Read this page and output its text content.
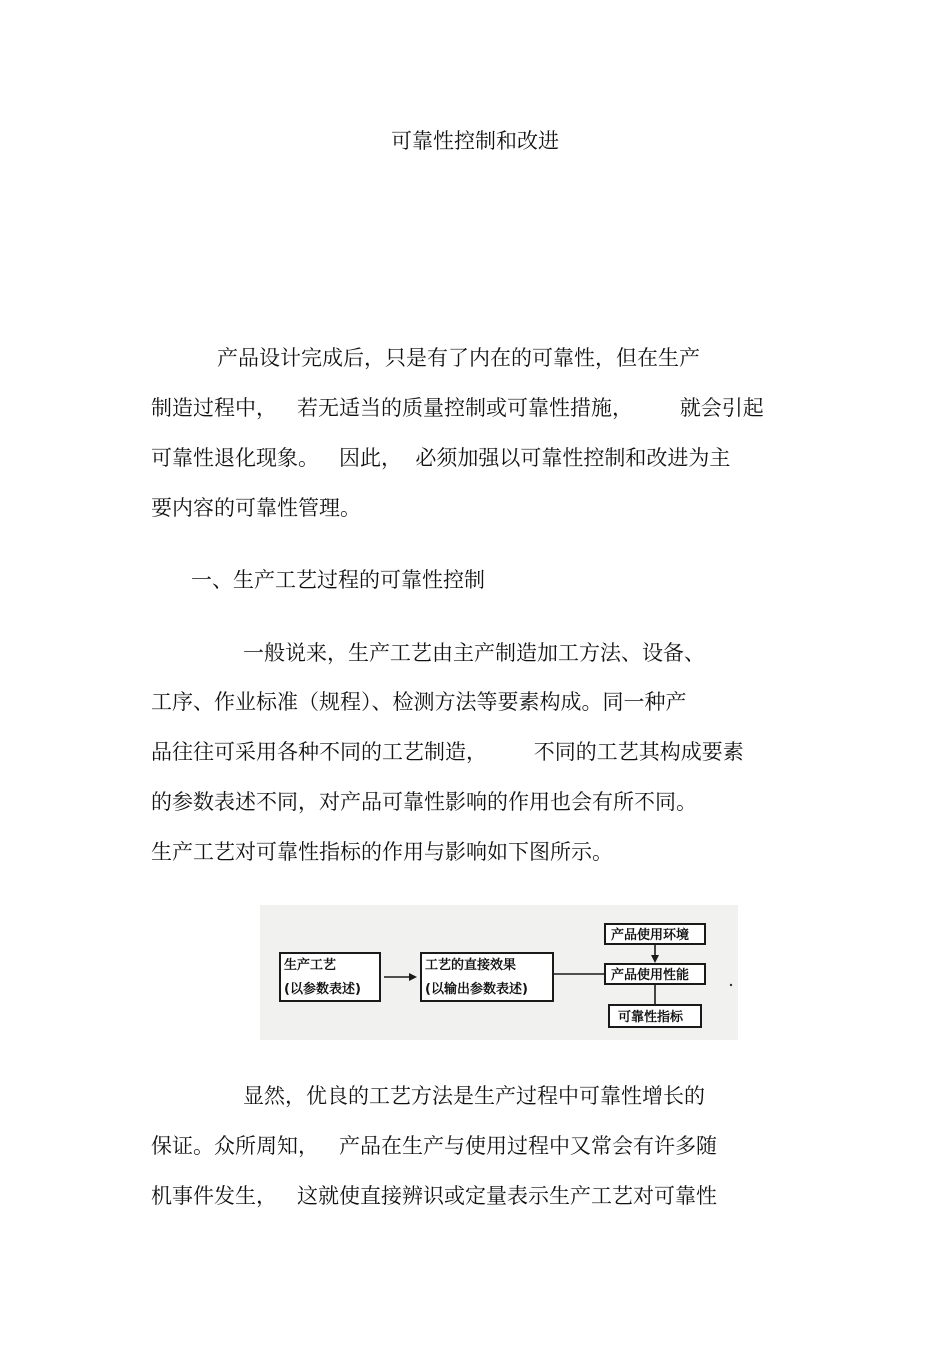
可靠性控制和改进
产品设计完成后，只是有了内在的可靠性，但在生产
制造过程中，   若无适当的质量控制或可靠性措施，       就会引起
可靠性退化现象。   因此，  必须加强以可靠性控制和改进为主
要内容的可靠性管理。
一、生产工艺过程的可靠性控制
一般说来，生产工艺由主产制造加工方法、设备、
工序、作业标准（规程）、检测方法等要素构成。同一种产
品往往可采用各种不同的工艺制造，       不同的工艺其构成要素
的参数表述不同，对产品可靠性影响的作用也会有所不同。
生产工艺对可靠性指标的作用与影响如下图所示。
生产工艺
(以参数表述)
工艺的直接效果
(以输出参数表述)
产品使用环境
产品使用性能
可靠性指标
显然，优良的工艺方法是生产过程中可靠性增长的
保证。众所周知，   产品在生产与使用过程中又常会有许多随
机事件发生，   这就使直接辨识或定量表示生产工艺对可靠性
